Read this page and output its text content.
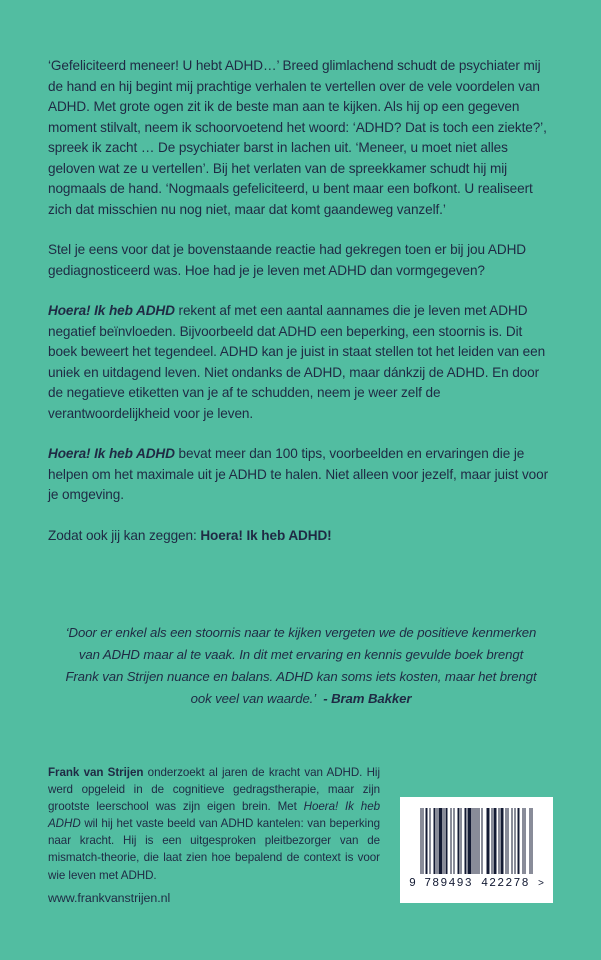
‘Gefeliciteerd meneer! U hebt ADHD…’ Breed glimlachend schudt de psychiater mij de hand en hij begint mij prachtige verhalen te vertellen over de vele voordelen van ADHD. Met grote ogen zit ik de beste man aan te kijken. Als hij op een gegeven moment stilvalt, neem ik schoorvoetend het woord: ‘ADHD? Dat is toch een ziekte?’, spreek ik zacht … De psychiater barst in lachen uit. ‘Meneer, u moet niet alles geloven wat ze u vertellen’. Bij het verlaten van de spreekkamer schudt hij mij nogmaals de hand. ‘Nogmaals gefeliciteerd, u bent maar een bofkont. U realiseert zich dat misschien nu nog niet, maar dat komt gaandeweg vanzelf.’

Stel je eens voor dat je bovenstaande reactie had gekregen toen er bij jou ADHD gediagnosticeerd was. Hoe had je je leven met ADHD dan vormgegeven?

Hoera! Ik heb ADHD rekent af met een aantal aannames die je leven met ADHD negatief beïnvloeden. Bijvoorbeeld dat ADHD een beperking, een stoornis is. Dit boek beweert het tegendeel. ADHD kan je juist in staat stellen tot het leiden van een uniek en uitdagend leven. Niet ondanks de ADHD, maar dánkzij de ADHD. En door de negatieve etiketten van je af te schudden, neem je weer zelf de verantwoordelijkheid voor je leven.

Hoera! Ik heb ADHD bevat meer dan 100 tips, voorbeelden en ervaringen die je helpen om het maximale uit je ADHD te halen. Niet alleen voor jezelf, maar juist voor je omgeving.

Zodat ook jij kan zeggen: Hoera! Ik heb ADHD!

‘Door er enkel als een stoornis naar te kijken vergeten we de positieve kenmerken van ADHD maar al te vaak. In dit met ervaring en kennis gevulde boek brengt Frank van Strijen nuance en balans. ADHD kan soms iets kosten, maar het brengt ook veel van waarde.’ - Bram Bakker
Frank van Strijen onderzoekt al jaren de kracht van ADHD. Hij werd opgeleid in de cognitieve gedragstherapie, maar zijn grootste leerschool was zijn eigen brein. Met Hoera! Ik heb ADHD wil hij het vaste beeld van ADHD kantelen: van beperking naar kracht. Hij is een uitgesproken pleitbezorger van de mismatch-theorie, die laat zien hoe bepalend de context is voor wie leven met ADHD.
www.frankvanstrijen.nl
9 789493 422278 >
